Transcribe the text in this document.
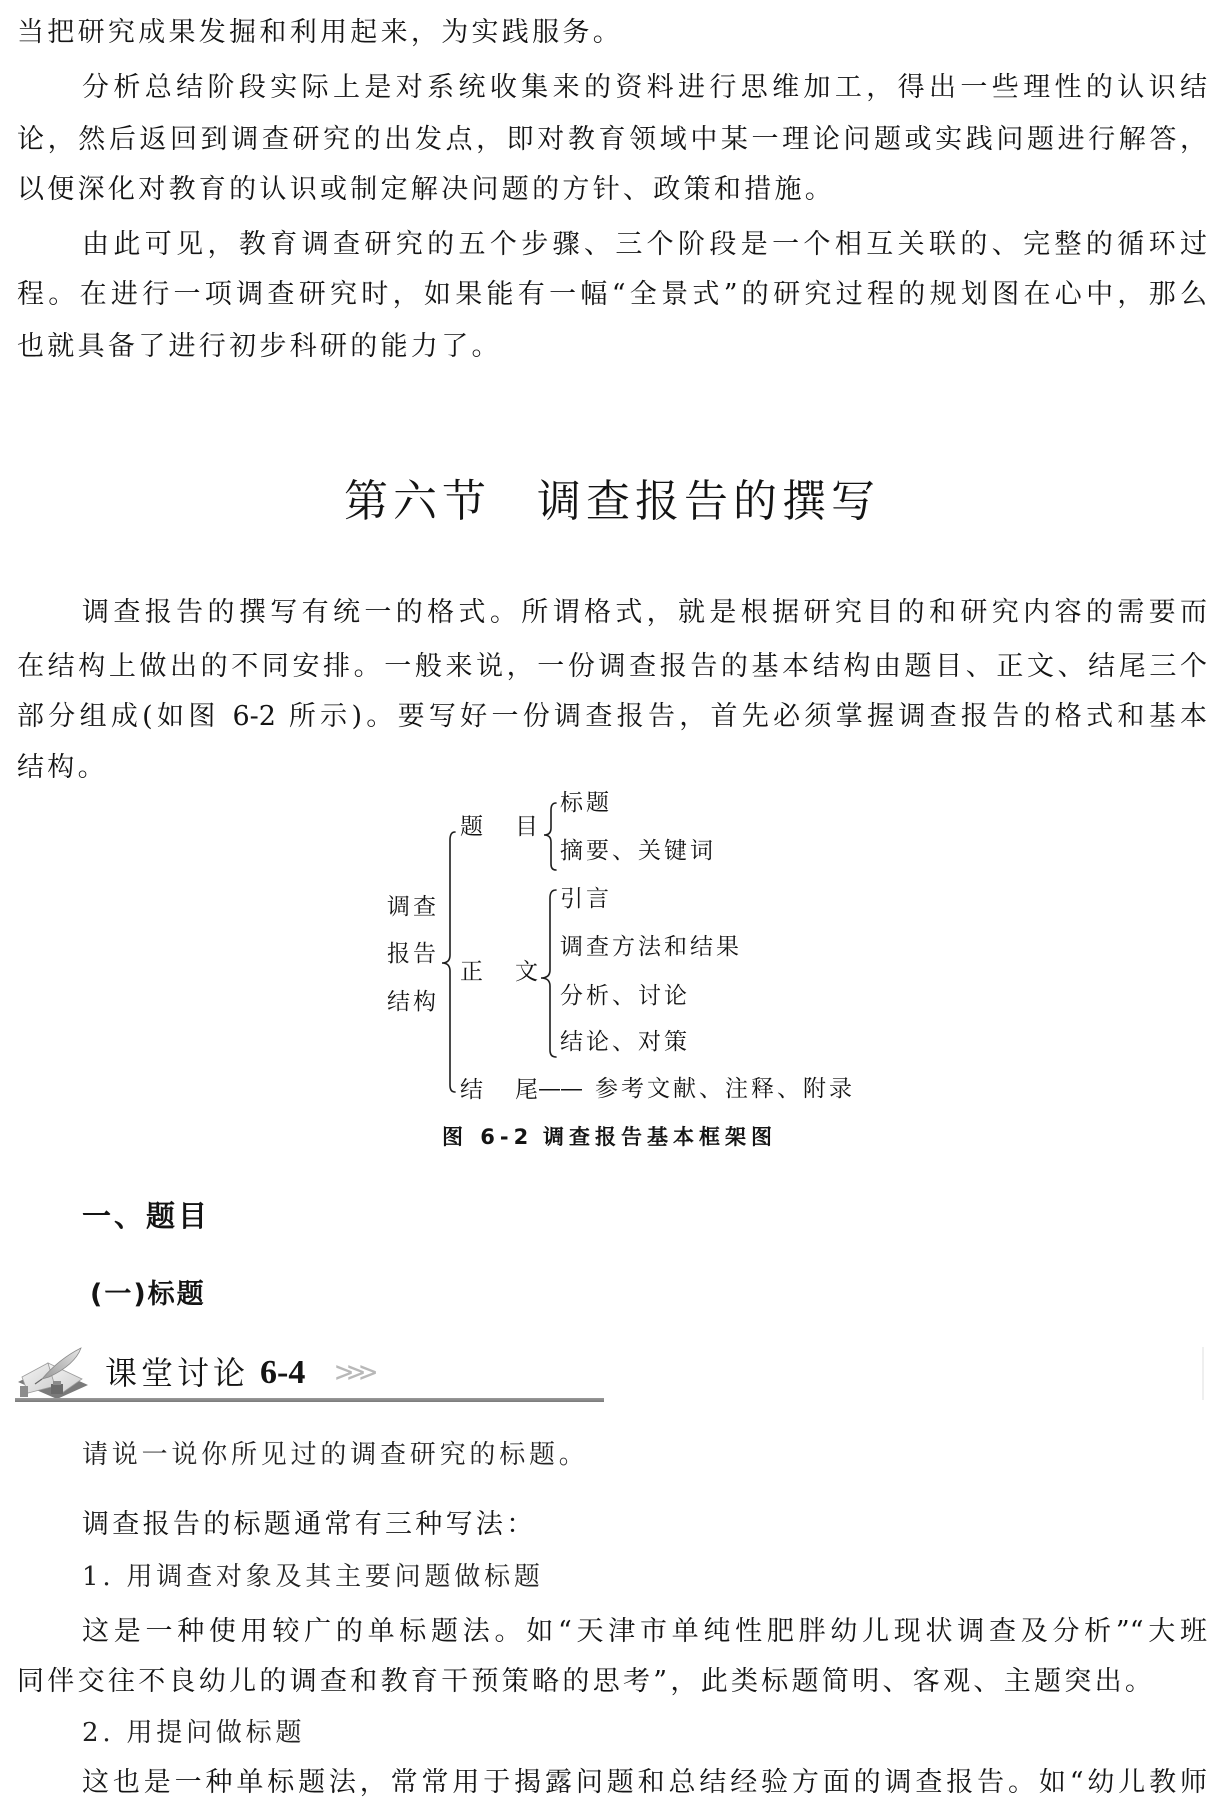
当把研究成果发掘和利用起来，为实践服务。
分析总结阶段实际上是对系统收集来的资料进行思维加工，得出一些理性的认识结
论，然后返回到调查研究的出发点，即对教育领域中某一理论问题或实践问题进行解答，
以便深化对教育的认识或制定解决问题的方针、政策和措施。
由此可见，教育调查研究的五个步骤、三个阶段是一个相互关联的、完整的循环过
程。在进行一项调查研究时，如果能有一幅“全景式”的研究过程的规划图在心中，那么
也就具备了进行初步科研的能力了。
第六节 调查报告的撰写
调查报告的撰写有统一的格式。所谓格式，就是根据研究目的和研究内容的需要而
在结构上做出的不同安排。一般来说，一份调查报告的基本结构由题目、正文、结尾三个
部分组成(如图 6-2 所示)。要写好一份调查报告，首先必须掌握调查报告的格式和基本
结构。
调查
报告
结构
题 目
标题
摘要、关键词
正 文
引言
调查方法和结果
分析、讨论
结论、对策
结 尾
—— 参考文献、注释、附录
图 6-2 调查报告基本框架图
一、题目
(一)标题
课堂讨论 6-4 >>>
请说一说你所见过的调查研究的标题。
调查报告的标题通常有三种写法：
1. 用调查对象及其主要问题做标题
这是一种使用较广的单标题法。如“天津市单纯性肥胖幼儿现状调查及分析”“大班
同伴交往不良幼儿的调查和教育干预策略的思考”，此类标题简明、客观、主题突出。
2. 用提问做标题
这也是一种单标题法，常常用于揭露问题和总结经验方面的调查报告。如“幼儿教师
